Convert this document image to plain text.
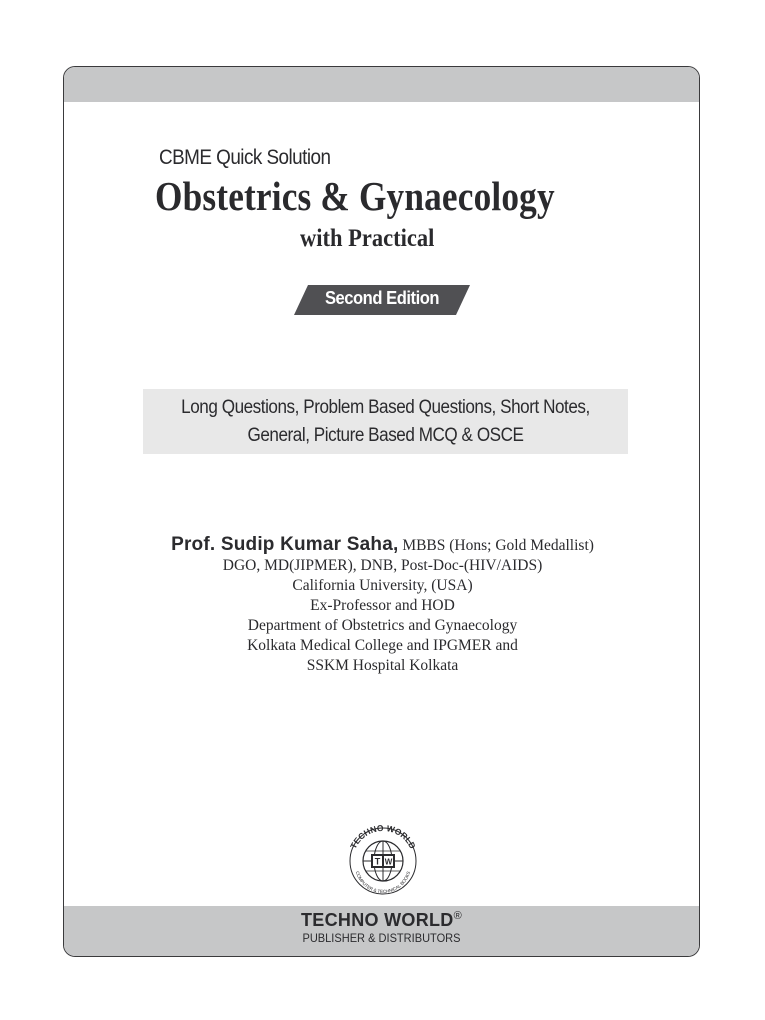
TECHNO WORLD®
PUBLISHER & DISTRIBUTORS
CBME Quick Solution
Obstetrics & Gynaecology
with Practical
Second Edition
Long Questions, Problem Based Questions, Short Notes,
General, Picture Based MCQ & OSCE
Prof. Sudip Kumar Saha, MBBS (Hons; Gold Medallist)
DGO, MD(JIPMER), DNB, Post-Doc-(HIV/AIDS)
California University, (USA)
Ex-Professor and HOD
Department of Obstetrics and Gynaecology
Kolkata Medical College and IPGMER and
SSKM Hospital Kolkata
T W
TECHNO WORLD
COMPUTER & TECHNICAL BOOKS
